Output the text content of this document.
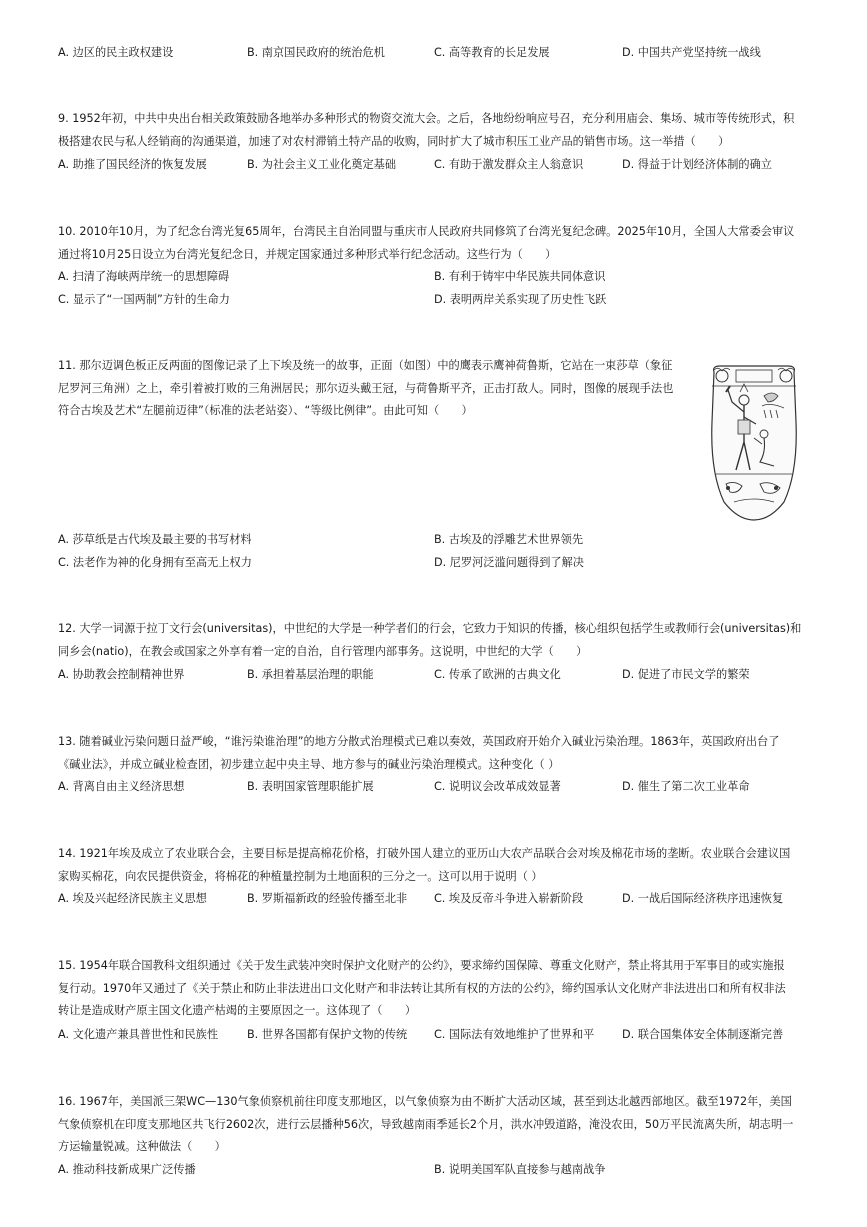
A. 边区的民主政权建设	B. 南京国民政府的统治危机	C. 高等教育的长足发展	D. 中国共产党坚持统一战线

9. 1952年初，中共中央出台相关政策鼓励各地举办多种形式的物资交流大会。之后，各地纷纷响应号召，充分利用庙会、集场、城市等传统形式，积

极搭建农民与私人经销商的沟通渠道，加速了对农村滞销土特产品的收购，同时扩大了城市积压工业产品的销售市场。这一举措（　　）

A. 助推了国民经济的恢复发展	B. 为社会主义工业化奠定基础	C. 有助于激发群众主人翁意识	D. 得益于计划经济体制的确立

10. 2010年10月，为了纪念台湾光复65周年，台湾民主自治同盟与重庆市人民政府共同修筑了台湾光复纪念碑。2025年10月，全国人大常委会审议

通过将10月25日设立为台湾光复纪念日，并规定国家通过多种形式举行纪念活动。这些行为（　　）

A. 扫清了海峡两岸统一的思想障碍	B. 有利于铸牢中华民族共同体意识
C. 显示了“一国两制”方针的生命力	D. 表明两岸关系实现了历史性飞跃

11. 那尔迈调色板正反两面的图像记录了上下埃及统一的故事，正面（如图）中的鹰表示鹰神荷鲁斯，它站在一束莎草（象征

尼罗河三角洲）之上，牵引着被打败的三角洲居民；那尔迈头戴王冠，与荷鲁斯平齐，正击打敌人。同时，图像的展现手法也

符合古埃及艺术“左腿前迈律”（标准的法老站姿）、“等级比例律”。由此可知（　　）

A. 莎草纸是古代埃及最主要的书写材料	B. 古埃及的浮雕艺术世界领先
C. 法老作为神的化身拥有至高无上权力	D. 尼罗河泛滥问题得到了解决

12. 大学一词源于拉丁文行会(universitas)，中世纪的大学是一种学者们的行会，它致力于知识的传播，核心组织包括学生或教师行会(universitas)和

同乡会(natio)，在教会或国家之外享有着一定的自治，自行管理内部事务。这说明，中世纪的大学（　　）

A. 协助教会控制精神世界	B. 承担着基层治理的职能	C. 传承了欧洲的古典文化	D. 促进了市民文学的繁荣

13. 随着碱业污染问题日益严峻，“谁污染谁治理”的地方分散式治理模式已难以奏效，英国政府开始介入碱业污染治理。1863年，英国政府出台了

《碱业法》，并成立碱业检查团，初步建立起中央主导、地方参与的碱业污染治理模式。这种变化（ ）

A. 背离自由主义经济思想	B. 表明国家管理职能扩展	C. 说明议会改革成效显著	D. 催生了第二次工业革命

14. 1921年埃及成立了农业联合会，主要目标是提高棉花价格，打破外国人建立的亚历山大农产品联合会对埃及棉花市场的垄断。农业联合会建议国

家购买棉花，向农民提供资金，将棉花的种植量控制为土地面积的三分之一。这可以用于说明（ ）

A. 埃及兴起经济民族主义思想	B. 罗斯福新政的经验传播至北非 C. 埃及反帝斗争进入崭新阶段	D. 一战后国际经济秩序迅速恢复

15. 1954年联合国教科文组织通过《关于发生武装冲突时保护文化财产的公约》，要求缔约国保障、尊重文化财产，禁止将其用于军事目的或实施报

复行动。1970年又通过了《关于禁止和防止非法进出口文化财产和非法转让其所有权的方法的公约》，缔约国承认文化财产非法进出口和所有权非法

转让是造成财产原主国文化遗产枯竭的主要原因之一。这体现了（　　）

A. 文化遗产兼具普世性和民族性	B. 世界各国都有保护文物的传统 C. 国际法有效地维护了世界和平 D. 联合国集体安全体制逐渐完善

16. 1967年，美国派三架WC—130气象侦察机前往印度支那地区，以气象侦察为由不断扩大活动区域，甚至到达北越西部地区。截至1972年，美国

气象侦察机在印度支那地区共飞行2602次，进行云层播种56次，导致越南雨季延长2个月，洪水冲毁道路，淹没农田，50万平民流离失所，胡志明一

方运输量锐减。这种做法（　　）

A. 推动科技新成果广泛传播	B. 说明美国军队直接参与越南战争
